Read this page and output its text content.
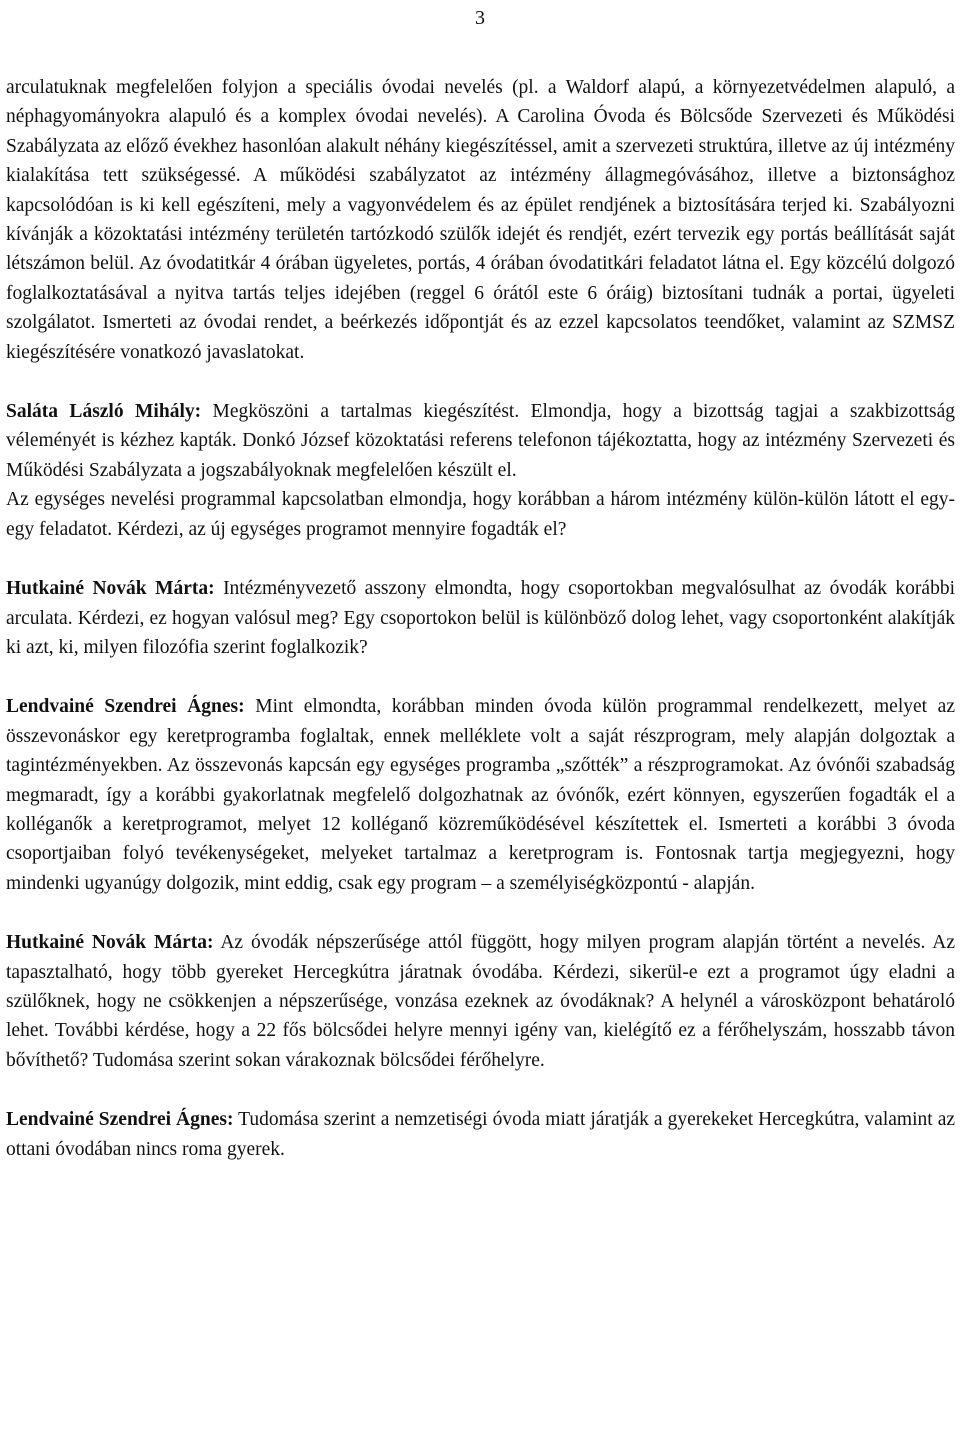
3

arculatuknak megfelelően folyjon a speciális óvodai nevelés (pl. a Waldorf alapú, a környezetvédelmen alapuló, a néphagyományokra alapuló és a komplex óvodai nevelés). A Carolina Óvoda és Bölcsőde Szervezeti és Működési Szabályzata az előző évekhez hasonlóan alakult néhány kiegészítéssel, amit a szervezeti struktúra, illetve az új intézmény kialakítása tett szükségessé. A működési szabályzatot az intézmény állagmegóvásához, illetve a biztonsághoz kapcsolódóan is ki kell egészíteni, mely a vagyonvédelem és az épület rendjének a biztosítására terjed ki. Szabályozni kívánják a közoktatási intézmény területén tartózkodó szülők idejét és rendjét, ezért tervezik egy portás beállítását saját létszámon belül. Az óvodatitkár 4 órában ügyeletes, portás, 4 órában óvodatitkári feladatot látna el. Egy közcélú dolgozó foglalkoztatásával a nyitva tartás teljes idejében (reggel 6 órától este 6 óráig) biztosítani tudnák a portai, ügyeleti szolgálatot. Ismerteti az óvodai rendet, a beérkezés időpontját és az ezzel kapcsolatos teendőket, valamint az SZMSZ kiegészítésére vonatkozó javaslatokat.

Saláta László Mihály: Megköszöni a tartalmas kiegészítést. Elmondja, hogy a bizottság tagjai a szakbizottság véleményét is kézhez kapták. Donkó József közoktatási referens telefonon tájékoztatta, hogy az intézmény Szervezeti és Működési Szabályzata a jogszabályoknak megfelelően készült el.

Az egységes nevelési programmal kapcsolatban elmondja, hogy korábban a három intézmény külön-külön látott el egy-egy feladatot. Kérdezi, az új egységes programot mennyire fogadták el?

Hutkainé Novák Márta: Intézményvezető asszony elmondta, hogy csoportokban megvalósulhat az óvodák korábbi arculata. Kérdezi, ez hogyan valósul meg? Egy csoportokon belül is különböző dolog lehet, vagy csoportonként alakítják ki azt, ki, milyen filozófia szerint foglalkozik?

Lendvainé Szendrei Ágnes: Mint elmondta, korábban minden óvoda külön programmal rendelkezett, melyet az összevonáskor egy keretprogramba foglaltak, ennek melléklete volt a saját részprogram, mely alapján dolgoztak a tagintézményekben. Az összevonás kapcsán egy egységes programba „szőtték” a részprogramokat. Az óvónői szabadság megmaradt, így a korábbi gyakorlatnak megfelelő dolgozhatnak az óvónők, ezért könnyen, egyszerűen fogadták el a kolléganők a keretprogramot, melyet 12 kolléganő közreműködésével készítettek el. Ismerteti a korábbi 3 óvoda csoportjaiban folyó tevékenységeket, melyeket tartalmaz a keretprogram is. Fontosnak tartja megjegyezni, hogy mindenki ugyanúgy dolgozik, mint eddig, csak egy program – a személyiségközpontú - alapján.

Hutkainé Novák Márta: Az óvodák népszerűsége attól függött, hogy milyen program alapján történt a nevelés. Az tapasztalható, hogy több gyereket Hercegkútra járatnak óvodába. Kérdezi, sikerül-e ezt a programot úgy eladni a szülőknek, hogy ne csökkenjen a népszerűsége, vonzása ezeknek az óvodáknak? A helynél a városközpont behatároló lehet. További kérdése, hogy a 22 fős bölcsődei helyre mennyi igény van, kielégítő ez a férőhelyszám, hosszabb távon bővíthető? Tudomása szerint sokan várakoznak bölcsődei férőhelyre.

Lendvainé Szendrei Ágnes: Tudomása szerint a nemzetiségi óvoda miatt járatják a gyerekeket Hercegkútra, valamint az ottani óvodában nincs roma gyerek.
